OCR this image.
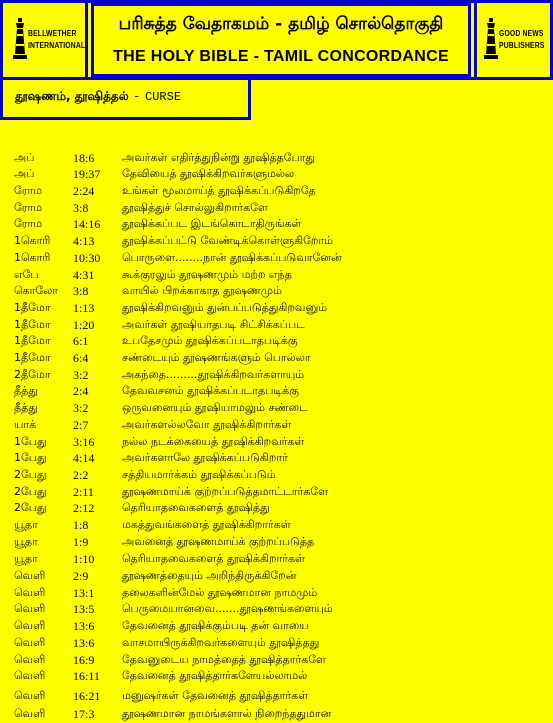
BELLWETHER
INTERNATIONAL
பரிசுத்த வேதாகமம் - தமிழ் சொல்தொகுதி
THE HOLY BIBLE - TAMIL CONCORDANCE
GOOD NEWS
PUBLISHERS
தூஷணம், தூஷித்தல் - CURSE
அப்	18:6	அவர்கள் எதிர்த்துநின்று தூஷித்தபோது
அப்	19:37 தேவியைத் தூஷிக்கிறவர்களுமல்ல
ரோம	2:24	உங்கள் மூலமாய்த் தூஷிக்கப்படுகிறதே
ரோம	3:8	தூஷித்துச் சொல்லுகிறார்களே
ரோம	14:16 தூஷிக்கப்பட இடங்கொடாதிருங்கள்
1கொரி 4:13	தூஷிக்கப்பட்டு வேண்டிக்கொள்ளுகிறோம்
1கொரி 10:30 பொருளை........நான் தூஷிக்கப்படுவானேன்
எபே	4:31	கூக்குரலும் தூஷணமும் மற்ற எந்த
கொலோ 3:8	வாயில் பிறக்காகாத தூஷணமும்
1தீமோ 1:13	தூஷிக்கிறவனும் துன்பப்படுத்துகிறவனும்
1தீமோ 1:20	அவர்கள் தூஷியாதபடி சிட்சிக்கப்பட
1தீமோ 6:1	உபதேசமும் தூஷிக்கப்படாதபடிக்கு
1தீமோ 6:4	சண்டையும் தூஷணங்களும் பொல்லா
2தீமோ 3:2	அகந்தை.........தூஷிக்கிறவர்களாயும்
தீத்து	2:4	தேவவசனம் தூஷிக்கப்படாதபடிக்கு
தீத்து	3:2	ஒருவனையும் தூஷியாமலும் சண்டை
யாக்	2:7	அவர்களல்லவோ தூஷிக்கிறார்கள்
1பேது 3:16	நல்ல நடக்கையைத் தூஷிக்கிறவர்கள்
1பேது 4:14	அவர்களாலே தூஷிக்கப்படுகிறார்
2பேது 2:2	சத்தியமார்க்கம் தூஷிக்கப்படும்
2பேது 2:11	தூஷணமாய்க் குற்றப்படுத்தமாட்டார்களே
2பேது 2:12	தெரியாதவைகளைத் தூஷித்து
யூதா	1:8	மகத்துவங்களைத் தூஷிக்கிறார்கள்
யூதா	1:9	அவனைத் தூஷணமாய்க் குற்றப்படுத்த
யூதா	1:10	தெரியாதவைகளைத் தூஷிக்கிறார்கள்
வெளி 2:9	தூஷணத்தையும் அறிந்திருக்கிறேன்
வெளி 13:1	தலைகளின்மேல் தூஷணமான நாமமும்
வெளி 13:5	பெருமையானவை.......தூஷணங்களையும்
வெளி 13:6	தேவனைத் தூஷிக்கும்படி தன் வாயை
வெளி 13:6	வாசமாயிருக்கிறவர்களையும் தூஷித்தது
வெளி 16:9	தேவனுடைய நாமத்தைத் தூஷித்தார்களே
வெளி 16:11 தேவனைத் தூஷித்தார்களேயல்லாமல்
வெளி 16:21 மனுஷர்கள் தேவனைத் தூஷித்தார்கள்
வெளி 17:3	தூஷணமான நாமங்களால் நிறைந்ததுமான
